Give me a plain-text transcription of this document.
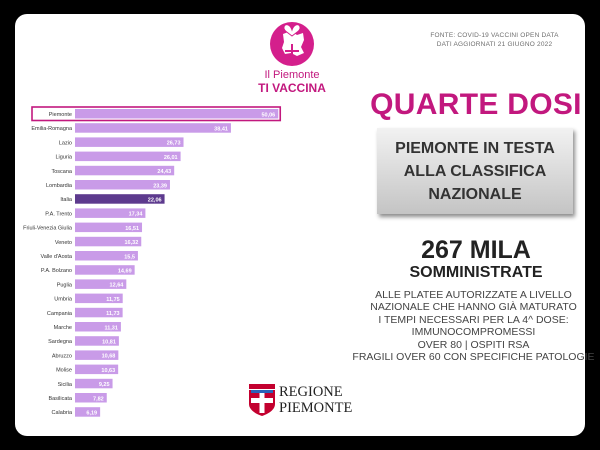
FONTE: COVID-19 VACCINI OPEN DATA
DATI AGGIORNATI 21 GIUGNO 2022
Il Piemonte
TI VACCINA
Piemonte	50,06
Emilia-Romagna	38,41
Lazio	26,73
Liguria	26,01
Toscana	24,43
Lombardia	23,39
Italia	22,06
P.A. Trento	17,34
Friuli-Venezia Giulia	16,51
Veneto	16,32
Valle d'Aosta	15,5
P.A. Bolzano	14,69
Puglia	12,64
Umbria	11,75
Campania	11,73
Marche	11,31
Sardegna	10,81
Abruzzo	10,68
Molise	10,63
Sicilia	9,25
Basilicata	7,82
Calabria	6,19
QUARTE DOSI
PIEMONTE IN TESTA
ALLA CLASSIFICA
NAZIONALE
267 MILA
SOMMINISTRATE
ALLE PLATEE AUTORIZZATE A LIVELLO
NAZIONALE CHE HANNO GIÀ MATURATO
I TEMPI NECESSARI PER LA 4^ DOSE:
IMMUNOCOMPROMESSI
OVER 80 | OSPITI RSA
FRAGILI OVER 60 CON SPECIFICHE PATOLOGIE
REGIONE
PIEMONTE
